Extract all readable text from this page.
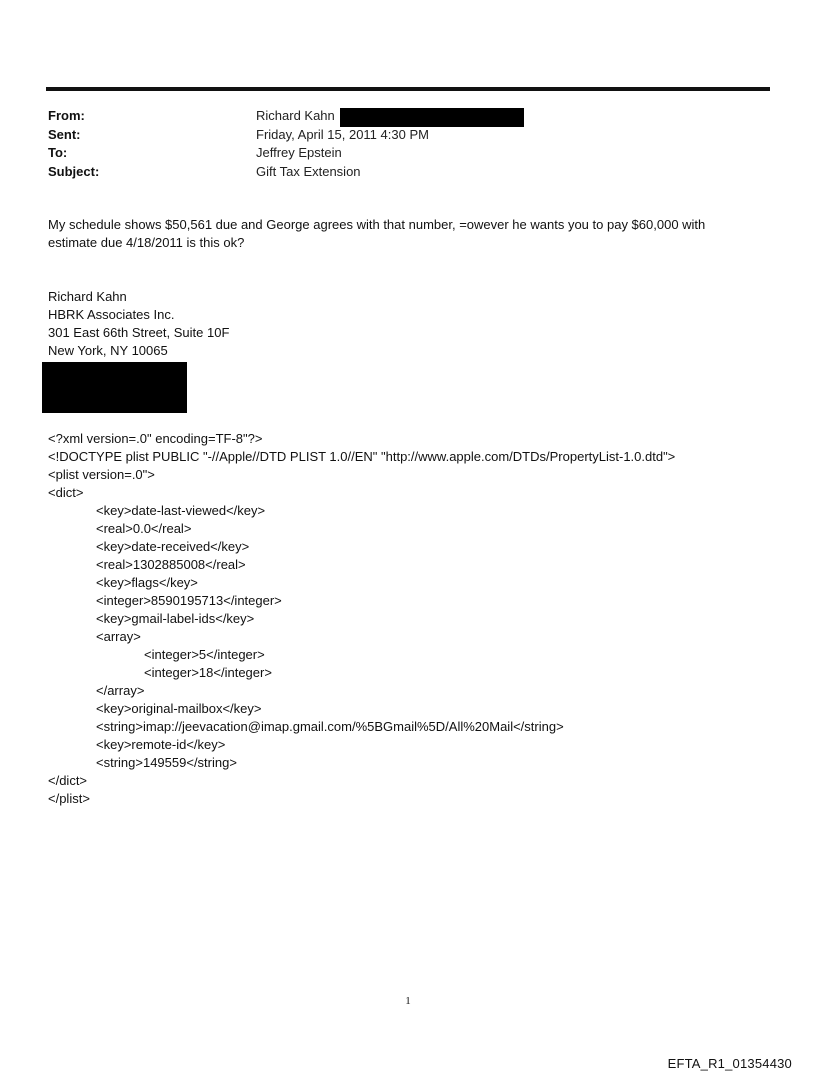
From:	Richard Kahn
Sent:	Friday, April 15, 2011 4:30 PM
To:	Jeffrey Epstein
Subject:	Gift Tax Extension
My schedule shows $50,561 due and George agrees with that number, =owever he wants you to pay $60,000 with estimate due 4/18/2011 is this ok?
Richard Kahn
HBRK Associates Inc.
301 East 66th Street, Suite 10F
New York, NY 10065
<?xml version=.0" encoding=TF-8"?>
<!DOCTYPE plist PUBLIC "-//Apple//DTD PLIST 1.0//EN" "http://www.apple.com/DTDs/PropertyList-1.0.dtd">
<plist version=.0">
<dict>
<key>date-last-viewed</key>
<real>0.0</real>
<key>date-received</key>
<real>1302885008</real>
<key>flags</key>
<integer>8590195713</integer>
<key>gmail-label-ids</key>
<array>
<integer>5</integer>
<integer>18</integer>
</array>
<key>original-mailbox</key>
<string>imap://jeevacation@imap.gmail.com/%5BGmail%5D/All%20Mail</string>
<key>remote-id</key>
<string>149559</string>
</dict>
</plist>
1
EFTA_R1_01354430
